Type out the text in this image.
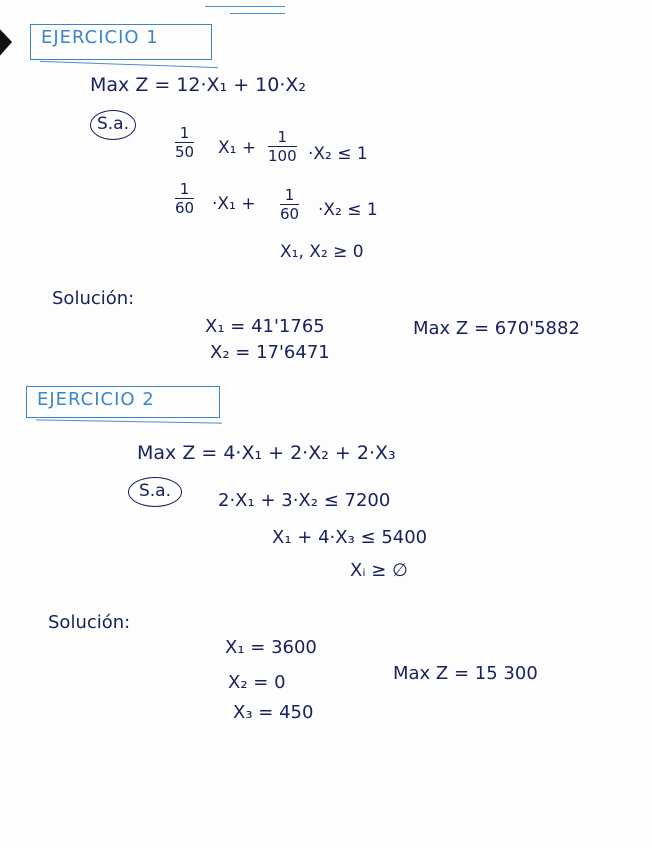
EJERCICIO 1
Max Z = 12·X₁ + 10·X₂
S.a.	1
50 X₁ +
1
100 ·X₂ ≤ 1
1
60 ·X₁ + 1
60 ·X₂ ≤ 1
X₁, X₂ ≥ 0
Solución:
X₁ = 41'1765
X₂ = 17'6471
Max Z = 670'5882
EJERCICIO 2
Max Z = 4·X₁ + 2·X₂ + 2·X₃
S.a.	2·X₁ + 3·X₂ ≤ 7200
X₁ + 4·X₃ ≤ 5400
Xᵢ ≥ ∅
Solución:
X₁ = 3600
X₂ = 0
X₃ = 450
Max Z = 15 300
